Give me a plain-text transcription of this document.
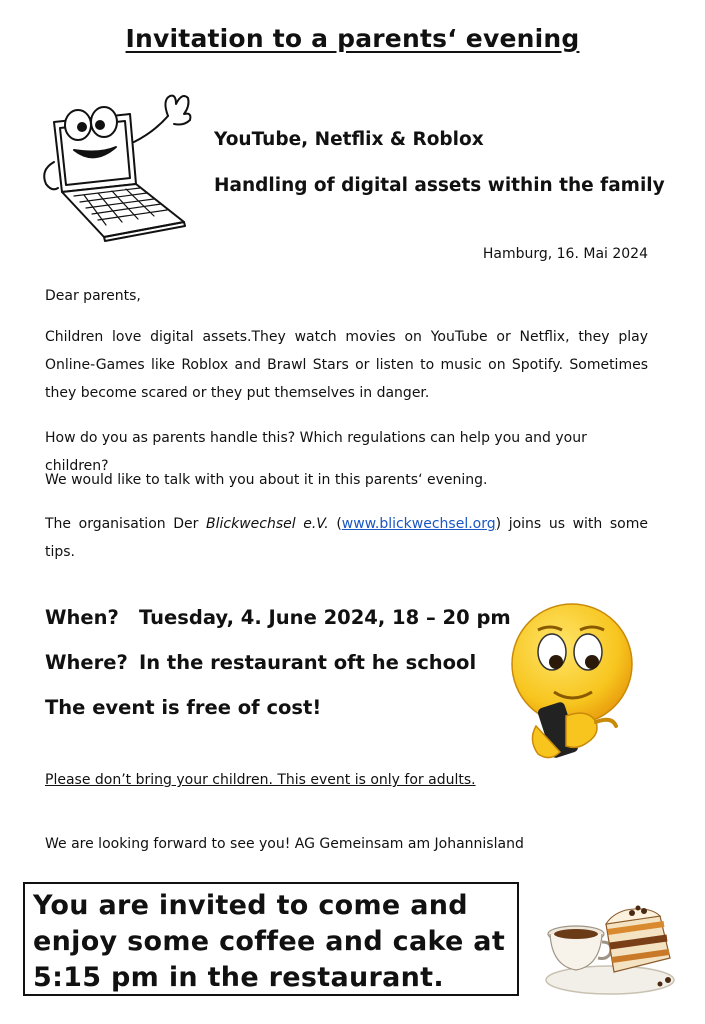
Invitation to a parents‘ evening
YouTube, Netflix & Roblox
Handling of digital assets within the family
Hamburg, 16. Mai 2024
Dear parents,
Children love digital assets.They watch movies on YouTube or Netflix, they play Online-Games like Roblox and Brawl Stars or listen to music on Spotify. Sometimes they become scared or they put themselves in danger.
How do you as parents handle this? Which regulations can help you and your children?
We would like to talk with you about it in this parents‘ evening.
The organisation Der Blickwechsel e.V. (www.blickwechsel.org) joins us with some tips.
When? Tuesday, 4. June 2024, 18 – 20 pm
Where? In the restaurant oft he school
The event is free of cost!
Please don’t bring your children. This event is only for adults.
We are looking forward to see you! AG Gemeinsam am Johannisland
You are invited to come and enjoy some coffee and cake at 5:15 pm in the restaurant.
